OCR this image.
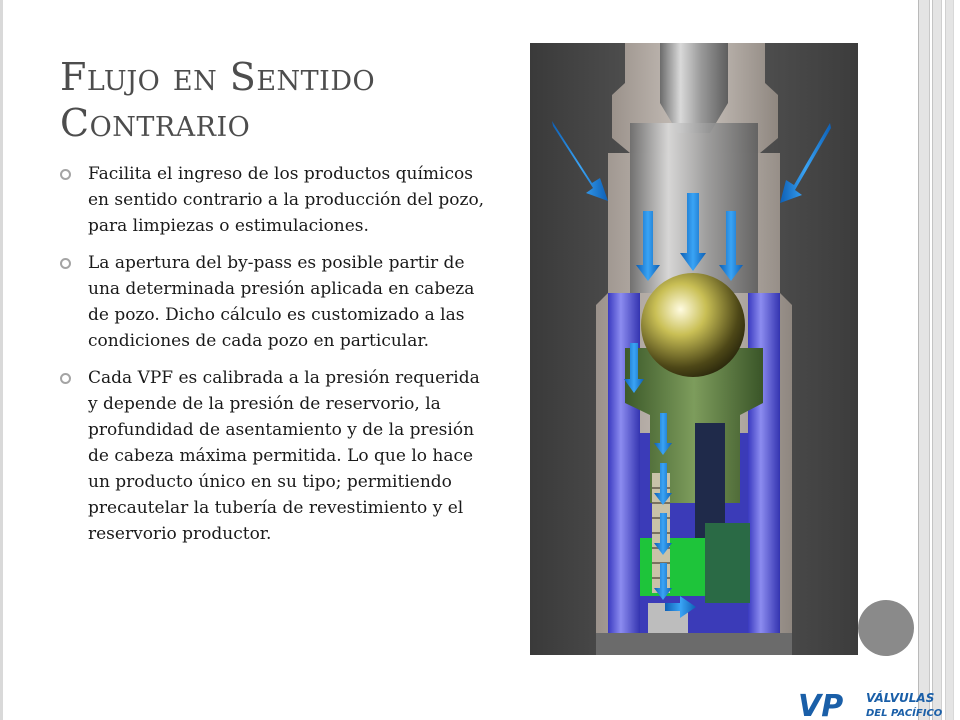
Flujo en Sentido
Contrario
Facilita el ingreso de los productos químicos en sentido contrario a la producción del pozo, para limpiezas o estimulaciones.
La apertura del by-pass es posible partir de una determinada presión aplicada en cabeza de pozo. Dicho cálculo es customizado a las condiciones de cada pozo en particular.
Cada VPF es calibrada a la presión requerida y depende de la presión de reservorio, la profundidad de asentamiento y de la presión de cabeza máxima permitida. Lo que lo hace un producto único en su tipo; permitiendo precautelar la tubería de revestimiento y el reservorio productor.
VP VÁLVULAS
DEL PACÍFICO
